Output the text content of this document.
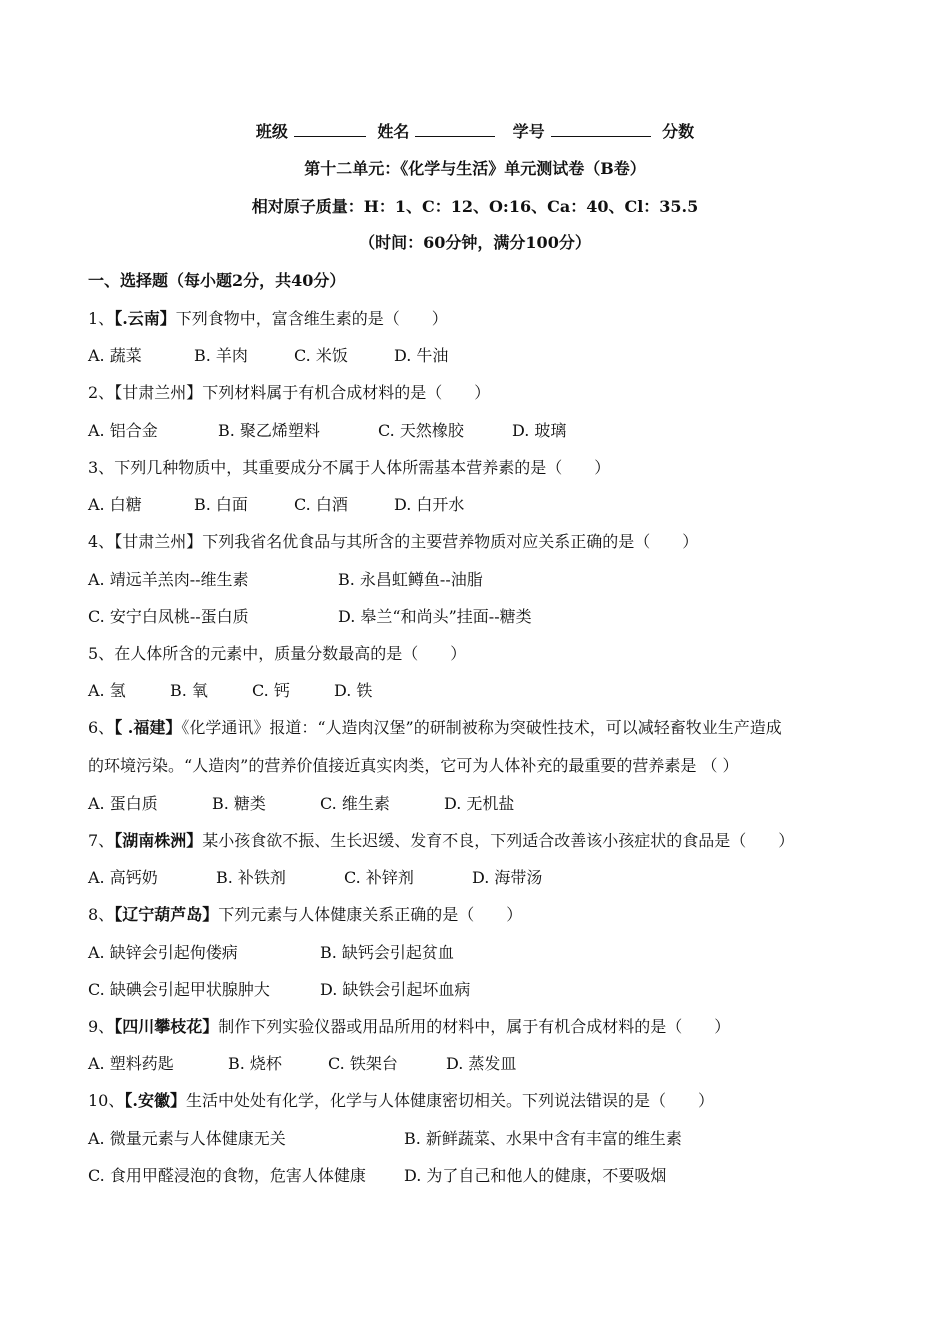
班级	姓名	学号	分数
第十二单元：《化学与生活》单元测试卷（B卷）
相对原子质量：H：1、C：12、O:16、Ca：40、Cl：35.5
（时间：60分钟，满分100分）
一、选择题（每小题2分，共40分）
1、【.云南】下列食物中，富含维生素的是（　　）
A. 蔬菜	B. 羊肉	C. 米饭	D. 牛油
2、【甘肃兰州】下列材料属于有机合成材料的是（　　）
A. 铝合金	B. 聚乙烯塑料	C. 天然橡胶	D. 玻璃
3、下列几种物质中，其重要成分不属于人体所需基本营养素的是（　　）
A. 白糖	B. 白面	C. 白酒	D. 白开水
4、【甘肃兰州】下列我省名优食品与其所含的主要营养物质对应关系正确的是（　　）
A. 靖远羊羔肉--维生素	B. 永昌虹鳟鱼--油脂
C. 安宁白凤桃--蛋白质	D. 皋兰“和尚头”挂面--糖类
5、在人体所含的元素中，质量分数最高的是（　　）
A. 氢	B. 氧	C. 钙	D. 铁
6、【 .福建】《化学通讯》报道：“人造肉汉堡”的研制被称为突破性技术，可以减轻畜牧业生产造成
的环境污染。“人造肉”的营养价值接近真实肉类，它可为人体补充的最重要的营养素是 （ ）
A. 蛋白质	B. 糖类	C. 维生素	D. 无机盐
7、【湖南株洲】某小孩食欲不振、生长迟缓、发育不良，下列适合改善该小孩症状的食品是（　　）
A. 高钙奶	B. 补铁剂	C. 补锌剂	D. 海带汤
8、【辽宁葫芦岛】下列元素与人体健康关系正确的是（　　）
A. 缺锌会引起佝偻病	B. 缺钙会引起贫血
C. 缺碘会引起甲状腺肿大	D. 缺铁会引起坏血病
9、【四川攀枝花】制作下列实验仪器或用品所用的材料中，属于有机合成材料的是（　　）
A. 塑料药匙	B. 烧杯	C. 铁架台	D. 蒸发皿
10、【.安徽】生活中处处有化学，化学与人体健康密切相关。下列说法错误的是（　　）
A. 微量元素与人体健康无关	B. 新鲜蔬菜、水果中含有丰富的维生素
C. 食用甲醛浸泡的食物，危害人体健康 D. 为了自己和他人的健康，不要吸烟
